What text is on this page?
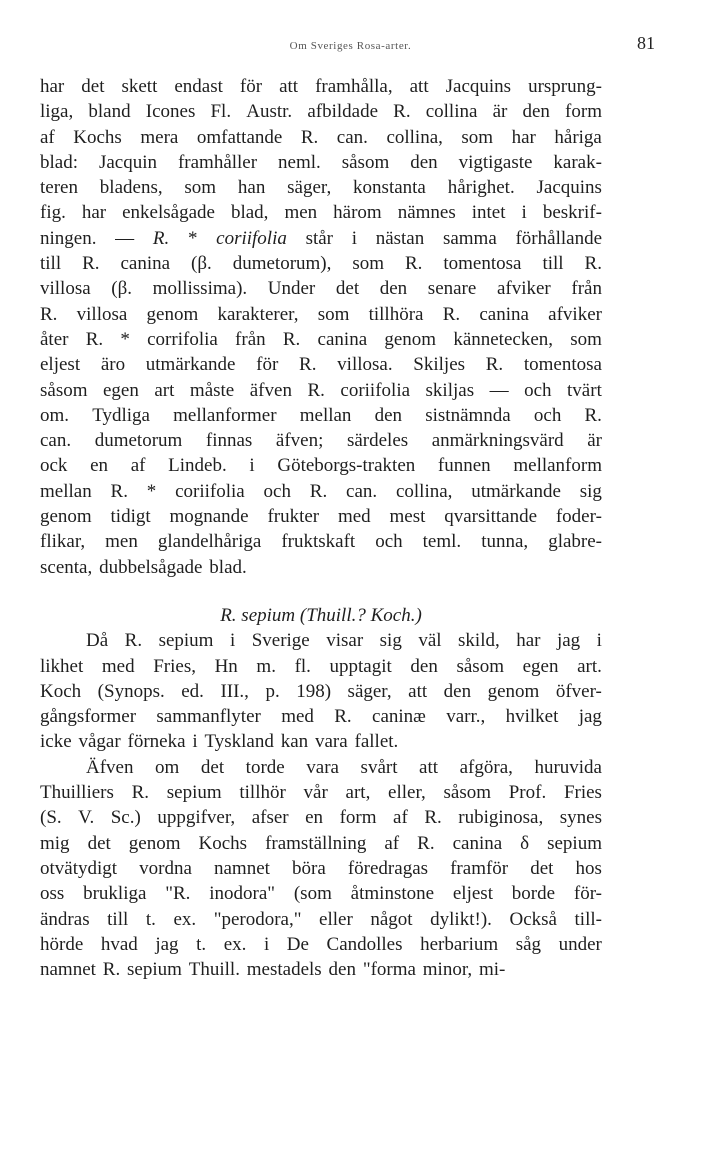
Om Sveriges Rosa-arter.	81
har det skett endast för att framhålla, att Jacquins ursprung-
liga, bland Icones Fl. Austr. afbildade R. collina är den form
af Kochs mera omfattande R. can. collina, som har håriga
blad: Jacquin framhåller neml. såsom den vigtigaste karak-
teren bladens, som han säger, konstanta hårighet. Jacquins
fig. har enkelsågade blad, men härom nämnes intet i beskrif-
ningen. — R. * coriifolia står i nästan samma förhållande
till R. canina (β. dumetorum), som R. tomentosa till R.
villosa (β. mollissima). Under det den senare afviker från
R. villosa genom karakterer, som tillhöra R. canina afviker
åter R. * corrifolia från R. canina genom kännetecken, som
eljest äro utmärkande för R. villosa. Skiljes R. tomentosa
såsom egen art måste äfven R. coriifolia skiljas — och tvärt
om. Tydliga mellanformer mellan den sistnämnda och R.
can. dumetorum finnas äfven; särdeles anmärkningsvärd är
ock en af Lindeb. i Göteborgs-trakten funnen mellanform
mellan R. * coriifolia och R. can. collina, utmärkande sig
genom tidigt mognande frukter med mest qvarsittande foder-
flikar, men glandelhåriga fruktskaft och teml. tunna, glabre-
scenta, dubbelsågade blad.
R. sepium (Thuill.? Koch.)
Då R. sepium i Sverige visar sig väl skild, har jag i
likhet med Fries, Hn m. fl. upptagit den såsom egen art.
Koch (Synops. ed. III., p. 198) säger, att den genom öfver-
gångsformer sammanflyter med R. caninæ varr., hvilket jag
icke vågar förneka i Tyskland kan vara fallet.
Äfven om det torde vara svårt att afgöra, huruvida
Thuilliers R. sepium tillhör vår art, eller, såsom Prof. Fries
(S. V. Sc.) uppgifver, afser en form af R. rubiginosa, synes
mig det genom Kochs framställning af R. canina δ sepium
otvätydigt vordna namnet böra föredragas framför det hos
oss brukliga "R. inodora" (som åtminstone eljest borde för-
ändras till t. ex. "perodora," eller något dylikt!). Också till-
hörde hvad jag t. ex. i De Candolles herbarium såg under
namnet R. sepium Thuill. mestadels den "forma minor, mi-
